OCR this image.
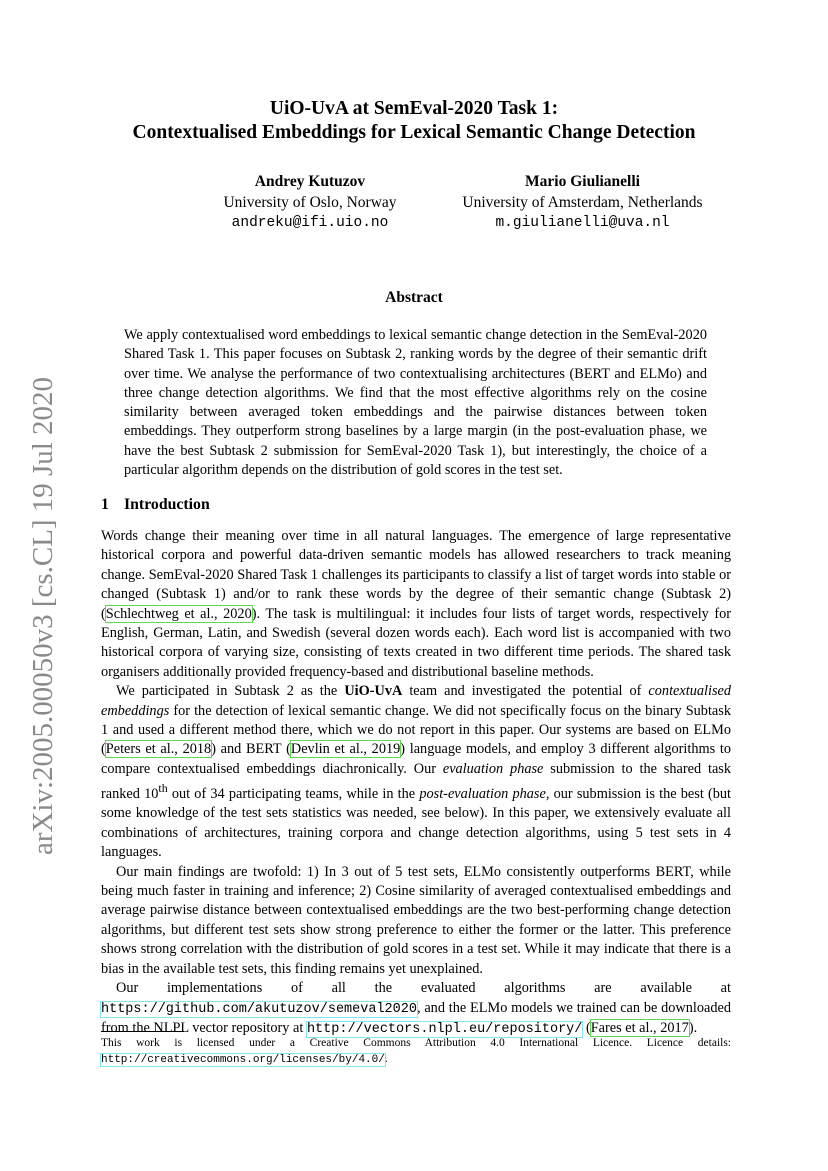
arXiv:2005.00050v3 [cs.CL] 19 Jul 2020
UiO-UvA at SemEval-2020 Task 1:
Contextualised Embeddings for Lexical Semantic Change Detection
Andrey Kutuzov
University of Oslo, Norway
andreku@ifi.uio.no
Mario Giulianelli
University of Amsterdam, Netherlands
m.giulianelli@uva.nl
Abstract
We apply contextualised word embeddings to lexical semantic change detection in the SemEval-2020 Shared Task 1. This paper focuses on Subtask 2, ranking words by the degree of their semantic drift over time. We analyse the performance of two contextualising architectures (BERT and ELMo) and three change detection algorithms. We find that the most effective algorithms rely on the cosine similarity between averaged token embeddings and the pairwise distances between token embeddings. They outperform strong baselines by a large margin (in the post-evaluation phase, we have the best Subtask 2 submission for SemEval-2020 Task 1), but interestingly, the choice of a particular algorithm depends on the distribution of gold scores in the test set.
1 Introduction

Words change their meaning over time in all natural languages. The emergence of large representative historical corpora and powerful data-driven semantic models has allowed researchers to track meaning change. SemEval-2020 Shared Task 1 challenges its participants to classify a list of target words into stable or changed (Subtask 1) and/or to rank these words by the degree of their semantic change (Subtask 2) (Schlechtweg et al., 2020). The task is multilingual: it includes four lists of target words, respectively for English, German, Latin, and Swedish (several dozen words each). Each word list is accompanied with two historical corpora of varying size, consisting of texts created in two different time periods. The shared task organisers additionally provided frequency-based and distributional baseline methods.

We participated in Subtask 2 as the UiO-UvA team and investigated the potential of contextualised embeddings for the detection of lexical semantic change. We did not specifically focus on the binary Subtask 1 and used a different method there, which we do not report in this paper. Our systems are based on ELMo (Peters et al., 2018) and BERT (Devlin et al., 2019) language models, and employ 3 different algorithms to compare contextualised embeddings diachronically. Our evaluation phase submission to the shared task ranked 10th out of 34 participating teams, while in the post-evaluation phase, our submission is the best (but some knowledge of the test sets statistics was needed, see below). In this paper, we extensively evaluate all combinations of architectures, training corpora and change detection algorithms, using 5 test sets in 4 languages.

Our main findings are twofold: 1) In 3 out of 5 test sets, ELMo consistently outperforms BERT, while being much faster in training and inference; 2) Cosine similarity of averaged contextualised embeddings and average pairwise distance between contextualised embeddings are the two best-performing change detection algorithms, but different test sets show strong preference to either the former or the latter. This preference shows strong correlation with the distribution of gold scores in a test set. While it may indicate that there is a bias in the available test sets, this finding remains yet unexplained.

Our implementations of all the evaluated algorithms are available at https://github.com/akutuzov/semeval2020, and the ELMo models we trained can be downloaded from the NLPL vector repository at http://vectors.nlpl.eu/repository/ (Fares et al., 2017).

This work is licensed under a Creative Commons Attribution 4.0 International Licence. Licence details: http://creativecommons.org/licenses/by/4.0/.
